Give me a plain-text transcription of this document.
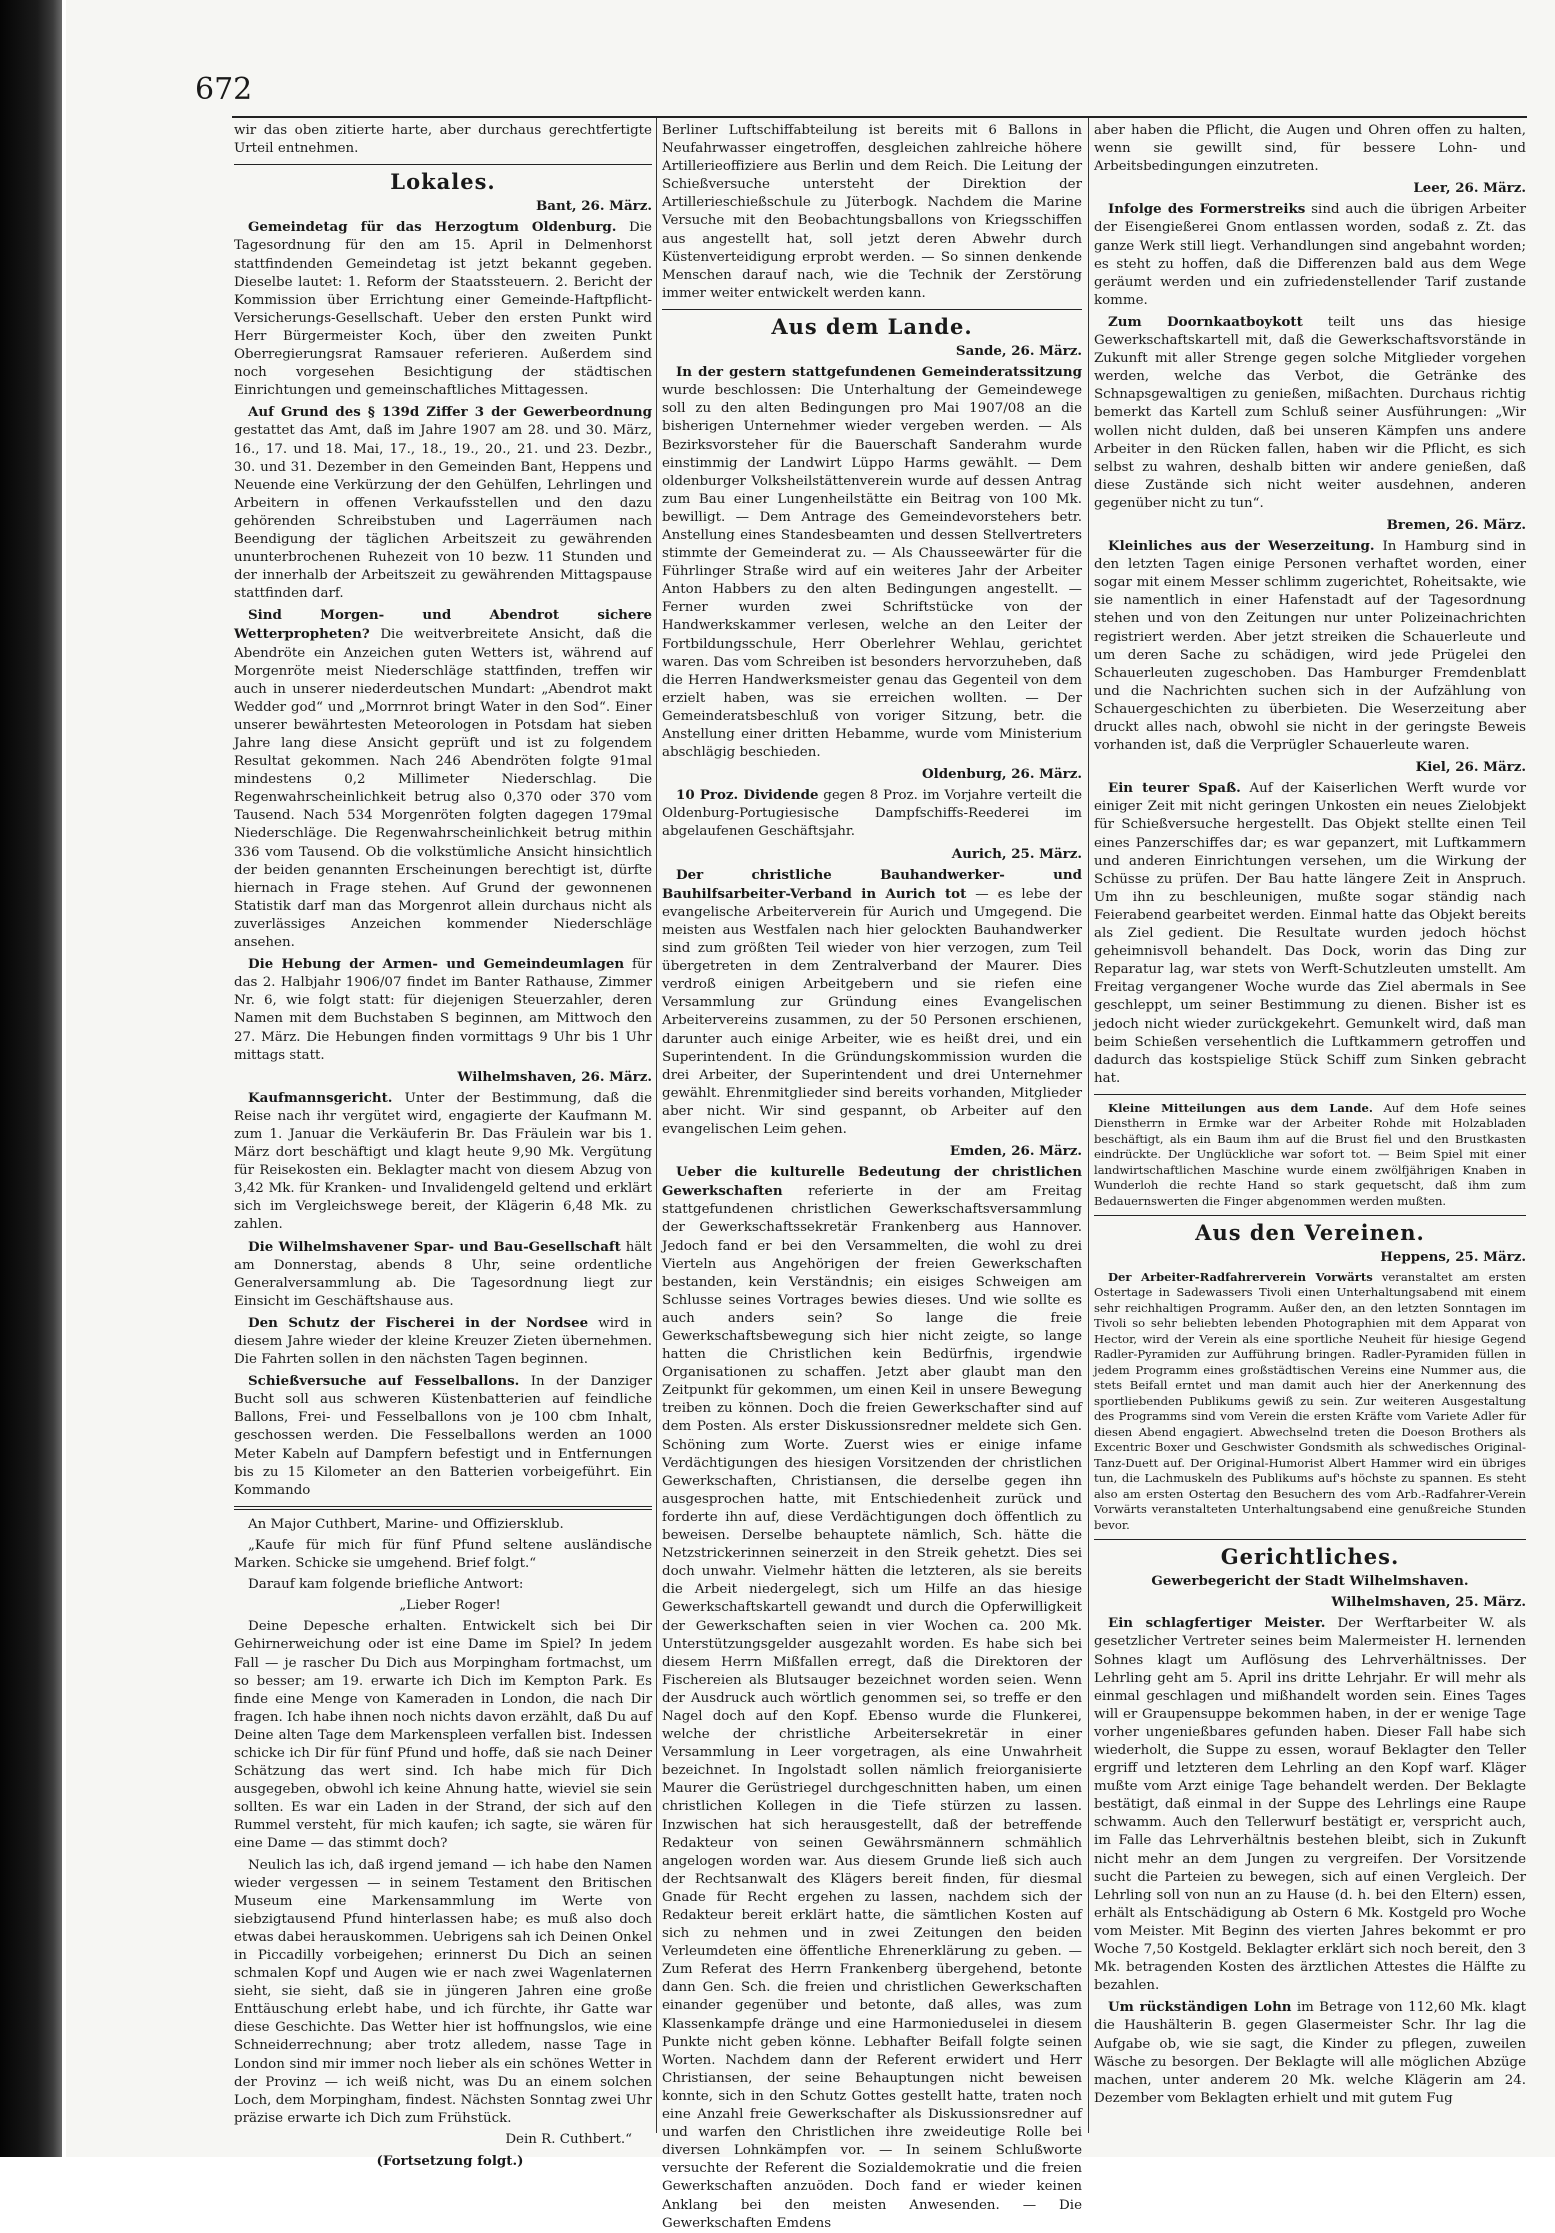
672

wir das oben zitierte harte, aber durchaus gerechtfertigte Urteil entnehmen.

Lokales.
Bant, 26. März.

Gemeindetag für das Herzogtum Oldenburg. Die Tagesordnung für den am 15. April in Delmenhorst stattfindenden Gemeindetag ist jetzt bekannt gegeben. Dieselbe lautet: 1. Reform der Staatssteuern. 2. Bericht der Kommission über Errichtung einer Gemeinde-Haftpflicht-Versicherungs-Gesellschaft. Ueber den ersten Punkt wird Herr Bürgermeister Koch, über den zweiten Punkt Oberregierungsrat Ramsauer referieren. Außerdem sind noch vorgesehen Besichtigung der städtischen Einrichtungen und gemeinschaftliches Mittagessen.

Auf Grund des § 139d Ziffer 3 der Gewerbeordnung gestattet das Amt, daß im Jahre 1907 am 28. und 30. März, 16., 17. und 18. Mai, 17., 18., 19., 20., 21. und 23. Dezbr., 30. und 31. Dezember in den Gemeinden Bant, Heppens und Neuende eine Verkürzung der den Gehülfen, Lehrlingen und Arbeitern in offenen Verkaufsstellen und den dazu gehörenden Schreibstuben und Lagerräumen nach Beendigung der täglichen Arbeitszeit zu gewährenden ununterbrochenen Ruhezeit von 10 bezw. 11 Stunden und der innerhalb der Arbeitszeit zu gewährenden Mittagspause stattfinden darf.

Sind Morgen- und Abendrot sichere Wetterpropheten? Die weitverbreitete Ansicht, daß die Abendröte ein Anzeichen guten Wetters ist, während auf Morgenröte meist Niederschläge stattfinden, treffen wir auch in unserer niederdeutschen Mundart: „Abendrot makt Wedder god“ und „Morrnrot bringt Water in den Sod“. Einer unserer bewährtesten Meteorologen in Potsdam hat sieben Jahre lang diese Ansicht geprüft und ist zu folgendem Resultat gekommen. Nach 246 Abendröten folgte 91mal mindestens 0,2 Millimeter Niederschlag. Die Regenwahrscheinlichkeit betrug also 0,370 oder 370 vom Tausend. Nach 534 Morgenröten folgten dagegen 179mal Niederschläge. Die Regenwahrscheinlichkeit betrug mithin 336 vom Tausend. Ob die volkstümliche Ansicht hinsichtlich der beiden genannten Erscheinungen berechtigt ist, dürfte hiernach in Frage stehen. Auf Grund der gewonnenen Statistik darf man das Morgenrot allein durchaus nicht als zuverlässiges Anzeichen kommender Niederschläge ansehen.

Die Hebung der Armen- und Gemeindeumlagen für das 2. Halbjahr 1906/07 findet im Banter Rathause, Zimmer Nr. 6, wie folgt statt: für diejenigen Steuerzahler, deren Namen mit dem Buchstaben S beginnen, am Mittwoch den 27. März. Die Hebungen finden vormittags 9 Uhr bis 1 Uhr mittags statt.

Wilhelmshaven, 26. März.

Kaufmannsgericht. Unter der Bestimmung, daß die Reise nach ihr vergütet wird, engagierte der Kaufmann M. zum 1. Januar die Verkäuferin Br. Das Fräulein war bis 1. März dort beschäftigt und klagt heute 9,90 Mk. Vergütung für Reisekosten ein. Beklagter macht von diesem Abzug von 3,42 Mk. für Kranken- und Invalidengeld geltend und erklärt sich im Vergleichswege bereit, der Klägerin 6,48 Mk. zu zahlen.

Die Wilhelmshavener Spar- und Bau-Gesellschaft hält am Donnerstag, abends 8 Uhr, seine ordentliche Generalversammlung ab. Die Tagesordnung liegt zur Einsicht im Geschäftshause aus.

Den Schutz der Fischerei in der Nordsee wird in diesem Jahre wieder der kleine Kreuzer Zieten übernehmen. Die Fahrten sollen in den nächsten Tagen beginnen.

Schießversuche auf Fesselballons. In der Danziger Bucht soll aus schweren Küstenbatterien auf feindliche Ballons, Frei- und Fesselballons von je 100 cbm Inhalt, geschossen werden. Die Fesselballons werden an 1000 Meter Kabeln auf Dampfern befestigt und in Entfernungen bis zu 15 Kilometer an den Batterien vorbeigeführt. Ein Kommando

An Major Cuthbert, Marine- und Offiziersklub.

„Kaufe für mich für fünf Pfund seltene ausländische Marken. Schicke sie umgehend. Brief folgt.“

Darauf kam folgende briefliche Antwort:

„Lieber Roger!

Deine Depesche erhalten. Entwickelt sich bei Dir Gehirnerweichung oder ist eine Dame im Spiel? In jedem Fall — je rascher Du Dich aus Morpingham fortmachst, um so besser; am 19. erwarte ich Dich im Kempton Park. Es finde eine Menge von Kameraden in London, die nach Dir fragen. Ich habe ihnen noch nichts davon erzählt, daß Du auf Deine alten Tage dem Markenspleen verfallen bist. Indessen schicke ich Dir für fünf Pfund und hoffe, daß sie nach Deiner Schätzung das wert sind. Ich habe mich für Dich ausgegeben, obwohl ich keine Ahnung hatte, wieviel sie sein sollten. Es war ein Laden in der Strand, der sich auf den Rummel versteht, für mich kaufen; ich sagte, sie wären für eine Dame — das stimmt doch?

Neulich las ich, daß irgend jemand — ich habe den Namen wieder vergessen — in seinem Testament den Britischen Museum eine Markensammlung im Werte von siebzigtausend Pfund hinterlassen habe; es muß also doch etwas dabei herauskommen. Uebrigens sah ich Deinen Onkel in Piccadilly vorbeigehen; erinnerst Du Dich an seinen schmalen Kopf und Augen wie er nach zwei Wagenlaternen sieht, sie sieht, daß sie in jüngeren Jahren eine große Enttäuschung erlebt habe, und ich fürchte, ihr Gatte war diese Geschichte. Das Wetter hier ist hoffnungslos, wie eine Schneiderrechnung; aber trotz alledem, nasse Tage in London sind mir immer noch lieber als ein schönes Wetter in der Provinz — ich weiß nicht, was Du an einem solchen Loch, dem Morpingham, findest. Nächsten Sonntag zwei Uhr präzise erwarte ich Dich zum Frühstück.

Dein R. Cuthbert.“

(Fortsetzung folgt.)

Berliner Luftschiffabteilung ist bereits mit 6 Ballons in Neufahrwasser eingetroffen, desgleichen zahlreiche höhere Artillerieoffiziere aus Berlin und dem Reich. Die Leitung der Schießversuche untersteht der Direktion der Artillerieschießschule zu Jüterbogk. Nachdem die Marine Versuche mit den Beobachtungsballons von Kriegsschiffen aus angestellt hat, soll jetzt deren Abwehr durch Küstenverteidigung erprobt werden. — So sinnen denkende Menschen darauf nach, wie die Technik der Zerstörung immer weiter entwickelt werden kann.

Aus dem Lande.
Sande, 26. März.

In der gestern stattgefundenen Gemeinderatssitzung wurde beschlossen: Die Unterhaltung der Gemeindewege soll zu den alten Bedingungen pro Mai 1907/08 an die bisherigen Unternehmer wieder vergeben werden. — Als Bezirksvorsteher für die Bauerschaft Sanderahm wurde einstimmig der Landwirt Lüppo Harms gewählt. — Dem oldenburger Volksheilstättenverein wurde auf dessen Antrag zum Bau einer Lungenheilstätte ein Beitrag von 100 Mk. bewilligt. — Dem Antrage des Gemeindevorstehers betr. Anstellung eines Standesbeamten und dessen Stellvertreters stimmte der Gemeinderat zu. — Als Chausseewärter für die Führlinger Straße wird auf ein weiteres Jahr der Arbeiter Anton Habbers zu den alten Bedingungen angestellt. — Ferner wurden zwei Schriftstücke von der Handwerkskammer verlesen, welche an den Leiter der Fortbildungsschule, Herr Oberlehrer Wehlau, gerichtet waren. Das vom Schreiben ist besonders hervorzuheben, daß die Herren Handwerksmeister genau das Gegenteil von dem erzielt haben, was sie erreichen wollten. — Der Gemeinderatsbeschluß von voriger Sitzung, betr. die Anstellung einer dritten Hebamme, wurde vom Ministerium abschlägig beschieden.

Oldenburg, 26. März.

10 Proz. Dividende gegen 8 Proz. im Vorjahre verteilt die Oldenburg-Portugiesische Dampfschiffs-Reederei im abgelaufenen Geschäftsjahr.

Aurich, 25. März.

Der christliche Bauhandwerker- und Bauhilfsarbeiter-Verband in Aurich tot — es lebe der evangelische Arbeiterverein für Aurich und Umgegend. Die meisten aus Westfalen nach hier gelockten Bauhandwerker sind zum größten Teil wieder von hier verzogen, zum Teil übergetreten in dem Zentralverband der Maurer. Dies verdroß einigen Arbeitgebern und sie riefen eine Versammlung zur Gründung eines Evangelischen Arbeitervereins zusammen, zu der 50 Personen erschienen, darunter auch einige Arbeiter, wie es heißt drei, und ein Superintendent. In die Gründungskommission wurden die drei Arbeiter, der Superintendent und drei Unternehmer gewählt. Ehrenmitglieder sind bereits vorhanden, Mitglieder aber nicht. Wir sind gespannt, ob Arbeiter auf den evangelischen Leim gehen.

Emden, 26. März.

Ueber die kulturelle Bedeutung der christlichen Gewerkschaften referierte in der am Freitag stattgefundenen christlichen Gewerkschaftsversammlung der Gewerkschaftssekretär Frankenberg aus Hannover. Jedoch fand er bei den Versammelten, die wohl zu drei Vierteln aus Angehörigen der freien Gewerkschaften bestanden, kein Verständnis; ein eisiges Schweigen am Schlusse seines Vortrages bewies dieses. Und wie sollte es auch anders sein? So lange die freie Gewerkschaftsbewegung sich hier nicht zeigte, so lange hatten die Christlichen kein Bedürfnis, irgendwie Organisationen zu schaffen. Jetzt aber glaubt man den Zeitpunkt für gekommen, um einen Keil in unsere Bewegung treiben zu können. Doch die freien Gewerkschafter sind auf dem Posten. Als erster Diskussionsredner meldete sich Gen. Schöning zum Worte. Zuerst wies er einige infame Verdächtigungen des hiesigen Vorsitzenden der christlichen Gewerkschaften, Christiansen, die derselbe gegen ihn ausgesprochen hatte, mit Entschiedenheit zurück und forderte ihn auf, diese Verdächtigungen doch öffentlich zu beweisen. Derselbe behauptete nämlich, Sch. hätte die Netzstrickerinnen seinerzeit in den Streik gehetzt. Dies sei doch unwahr. Vielmehr hätten die letzteren, als sie bereits die Arbeit niedergelegt, sich um Hilfe an das hiesige Gewerkschaftskartell gewandt und durch die Opferwilligkeit der Gewerkschaften seien in vier Wochen ca. 200 Mk. Unterstützungsgelder ausgezahlt worden. Es habe sich bei diesem Herrn Mißfallen erregt, daß die Direktoren der Fischereien als Blutsauger bezeichnet worden seien. Wenn der Ausdruck auch wörtlich genommen sei, so treffe er den Nagel doch auf den Kopf. Ebenso wurde die Flunkerei, welche der christliche Arbeitersekretär in einer Versammlung in Leer vorgetragen, als eine Unwahrheit bezeichnet. In Ingolstadt sollen nämlich freiorganisierte Maurer die Gerüstriegel durchgeschnitten haben, um einen christlichen Kollegen in die Tiefe stürzen zu lassen. Inzwischen hat sich herausgestellt, daß der betreffende Redakteur von seinen Gewährsmännern schmählich angelogen worden war. Aus diesem Grunde ließ sich auch der Rechtsanwalt des Klägers bereit finden, für diesmal Gnade für Recht ergehen zu lassen, nachdem sich der Redakteur bereit erklärt hatte, die sämtlichen Kosten auf sich zu nehmen und in zwei Zeitungen den beiden Verleumdeten eine öffentliche Ehrenerklärung zu geben. — Zum Referat des Herrn Frankenberg übergehend, betonte dann Gen. Sch. die freien und christlichen Gewerkschaften einander gegenüber und betonte, daß alles, was zum Klassenkampfe dränge und eine Harmonieduselei in diesem Punkte nicht geben könne. Lebhafter Beifall folgte seinen Worten. Nachdem dann der Referent erwidert und Herr Christiansen, der seine Behauptungen nicht beweisen konnte, sich in den Schutz Gottes gestellt hatte, traten noch eine Anzahl freie Gewerkschafter als Diskussionsredner auf und warfen den Christlichen ihre zweideutige Rolle bei diversen Lohnkämpfen vor. — In seinem Schlußworte versuchte der Referent die Sozialdemokratie und die freien Gewerkschaften anzuöden. Doch fand er wieder keinen Anklang bei den meisten Anwesenden. — Die Gewerkschaften Emdens

aber haben die Pflicht, die Augen und Ohren offen zu halten, wenn sie gewillt sind, für bessere Lohn- und Arbeitsbedingungen einzutreten.

Leer, 26. März.

Infolge des Formerstreiks sind auch die übrigen Arbeiter der Eisengießerei Gnom entlassen worden, sodaß z. Zt. das ganze Werk still liegt. Verhandlungen sind angebahnt worden; es steht zu hoffen, daß die Differenzen bald aus dem Wege geräumt werden und ein zufriedenstellender Tarif zustande komme.

Zum Doornkaatboykott teilt uns das hiesige Gewerkschaftskartell mit, daß die Gewerkschaftsvorstände in Zukunft mit aller Strenge gegen solche Mitglieder vorgehen werden, welche das Verbot, die Getränke des Schnapsgewaltigen zu genießen, mißachten. Durchaus richtig bemerkt das Kartell zum Schluß seiner Ausführungen: „Wir wollen nicht dulden, daß bei unseren Kämpfen uns andere Arbeiter in den Rücken fallen, haben wir die Pflicht, es sich selbst zu wahren, deshalb bitten wir andere genießen, daß diese Zustände sich nicht weiter ausdehnen, anderen gegenüber nicht zu tun“.

Bremen, 26. März.

Kleinliches aus der Weserzeitung. In Hamburg sind in den letzten Tagen einige Personen verhaftet worden, einer sogar mit einem Messer schlimm zugerichtet, Roheitsakte, wie sie namentlich in einer Hafenstadt auf der Tagesordnung stehen und von den Zeitungen nur unter Polizeinachrichten registriert werden. Aber jetzt streiken die Schauerleute und um deren Sache zu schädigen, wird jede Prügelei den Schauerleuten zugeschoben. Das Hamburger Fremdenblatt und die Nachrichten suchen sich in der Aufzählung von Schauergeschichten zu überbieten. Die Weserzeitung aber druckt alles nach, obwohl sie nicht in der geringste Beweis vorhanden ist, daß die Verprügler Schauerleute waren.

Kiel, 26. März.

Ein teurer Spaß. Auf der Kaiserlichen Werft wurde vor einiger Zeit mit nicht geringen Unkosten ein neues Zielobjekt für Schießversuche hergestellt. Das Objekt stellte einen Teil eines Panzerschiffes dar; es war gepanzert, mit Luftkammern und anderen Einrichtungen versehen, um die Wirkung der Schüsse zu prüfen. Der Bau hatte längere Zeit in Anspruch. Um ihn zu beschleunigen, mußte sogar ständig nach Feierabend gearbeitet werden. Einmal hatte das Objekt bereits als Ziel gedient. Die Resultate wurden jedoch höchst geheimnisvoll behandelt. Das Dock, worin das Ding zur Reparatur lag, war stets von Werft-Schutzleuten umstellt. Am Freitag vergangener Woche wurde das Ziel abermals in See geschleppt, um seiner Bestimmung zu dienen. Bisher ist es jedoch nicht wieder zurückgekehrt. Gemunkelt wird, daß man beim Schießen versehentlich die Luftkammern getroffen und dadurch das kostspielige Stück Schiff zum Sinken gebracht hat.

Kleine Mitteilungen aus dem Lande. Auf dem Hofe seines Dienstherrn in Ermke war der Arbeiter Rohde mit Holzabladen beschäftigt, als ein Baum ihm auf die Brust fiel und den Brustkasten eindrückte. Der Unglückliche war sofort tot. — Beim Spiel mit einer landwirtschaftlichen Maschine wurde einem zwölfjährigen Knaben in Wunderloh die rechte Hand so stark gequetscht, daß ihm zum Bedauernswerten die Finger abgenommen werden mußten.

Aus den Vereinen.
Heppens, 25. März.

Der Arbeiter-Radfahrerverein Vorwärts veranstaltet am ersten Ostertage in Sadewassers Tivoli einen Unterhaltungsabend mit einem sehr reichhaltigen Programm. Außer den, an den letzten Sonntagen im Tivoli so sehr beliebten lebenden Photographien mit dem Apparat von Hector, wird der Verein als eine sportliche Neuheit für hiesige Gegend Radler-Pyramiden zur Aufführung bringen. Radler-Pyramiden füllen in jedem Programm eines großstädtischen Vereins eine Nummer aus, die stets Beifall erntet und man damit auch hier der Anerkennung des sportliebenden Publikums gewiß zu sein. Zur weiteren Ausgestaltung des Programms sind vom Verein die ersten Kräfte vom Variete Adler für diesen Abend engagiert. Abwechselnd treten die Doeson Brothers als Excentric Boxer und Geschwister Gondsmith als schwedisches Original-Tanz-Duett auf. Der Original-Humorist Albert Hammer wird ein übriges tun, die Lachmuskeln des Publikums auf's höchste zu spannen. Es steht also am ersten Ostertag den Besuchern des vom Arb.-Radfahrer-Verein Vorwärts veranstalteten Unterhaltungsabend eine genußreiche Stunden bevor.

Gerichtliches.
Gewerbegericht der Stadt Wilhelmshaven.
Wilhelmshaven, 25. März.

Ein schlagfertiger Meister. Der Werftarbeiter W. als gesetzlicher Vertreter seines beim Malermeister H. lernenden Sohnes klagt um Auflösung des Lehrverhältnisses. Der Lehrling geht am 5. April ins dritte Lehrjahr. Er will mehr als einmal geschlagen und mißhandelt worden sein. Eines Tages will er Graupensuppe bekommen haben, in der er wenige Tage vorher ungenießbares gefunden haben. Dieser Fall habe sich wiederholt, die Suppe zu essen, worauf Beklagter den Teller ergriff und letzteren dem Lehrling an den Kopf warf. Kläger mußte vom Arzt einige Tage behandelt werden. Der Beklagte bestätigt, daß einmal in der Suppe des Lehrlings eine Raupe schwamm. Auch den Tellerwurf bestätigt er, verspricht auch, im Falle das Lehrverhältnis bestehen bleibt, sich in Zukunft nicht mehr an dem Jungen zu vergreifen. Der Vorsitzende sucht die Parteien zu bewegen, sich auf einen Vergleich. Der Lehrling soll von nun an zu Hause (d. h. bei den Eltern) essen, erhält als Entschädigung ab Ostern 6 Mk. Kostgeld pro Woche vom Meister. Mit Beginn des vierten Jahres bekommt er pro Woche 7,50 Kostgeld. Beklagter erklärt sich noch bereit, den 3 Mk. betragenden Kosten des ärztlichen Attestes die Hälfte zu bezahlen.

Um rückständigen Lohn im Betrage von 112,60 Mk. klagt die Haushälterin B. gegen Glasermeister Schr. Ihr lag die Aufgabe ob, wie sie sagt, die Kinder zu pflegen, zuweilen Wäsche zu besorgen. Der Beklagte will alle möglichen Abzüge machen, unter anderem 20 Mk. welche Klägerin am 24. Dezember vom Beklagten erhielt und mit gutem Fug
